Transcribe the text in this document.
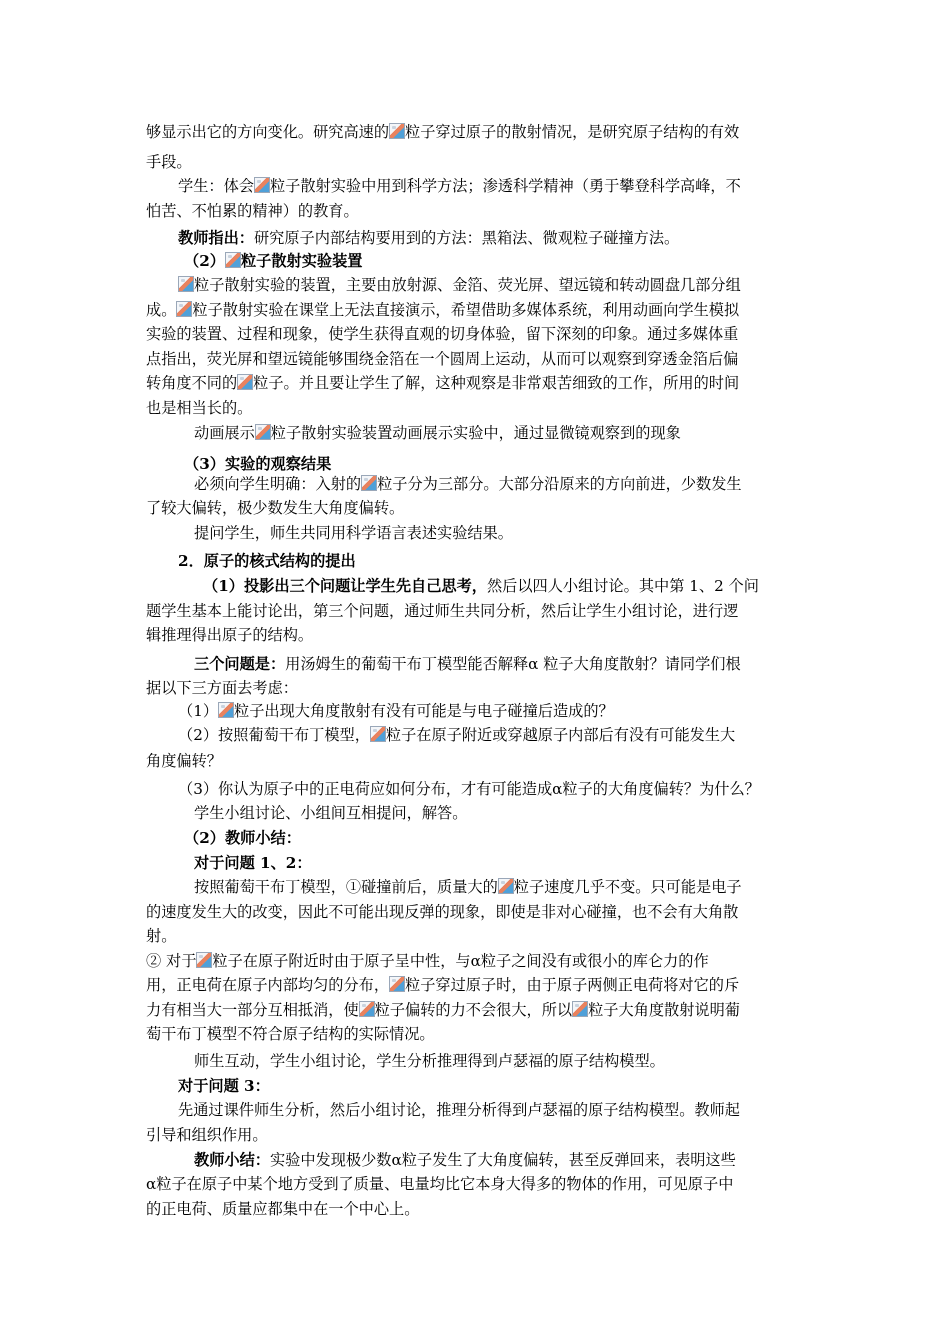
够显示出它的方向变化。研究高速的 粒子穿过原子的散射情况，是研究原子结构的有效
手段。
学生：体会 粒子散射实验中用到科学方法；渗透科学精神（勇于攀登科学高峰，不
怕苦、不怕累的精神）的教育。
教师指出：研究原子内部结构要用到的方法：黑箱法、微观粒子碰撞方法。
（2） 粒子散射实验装置
粒子散射实验的装置，主要由放射源、金箔、荧光屏、望远镜和转动圆盘几部分组
成。 粒子散射实验在课堂上无法直接演示，希望借助多媒体系统，利用动画向学生模拟
实验的装置、过程和现象，使学生获得直观的切身体验，留下深刻的印象。通过多媒体重
点指出，荧光屏和望远镜能够围绕金箔在一个圆周上运动，从而可以观察到穿透金箔后偏
转角度不同的 粒子。并且要让学生了解，这种观察是非常艰苦细致的工作，所用的时间
也是相当长的。
动画展示 粒子散射实验装置动画展示实验中，通过显微镜观察到的现象
（3）实验的观察结果
必须向学生明确：入射的 粒子分为三部分。大部分沿原来的方向前进，少数发生
了较大偏转，极少数发生大角度偏转。
提问学生，师生共同用科学语言表述实验结果。
2．原子的核式结构的提出
（1）投影出三个问题让学生先自己思考，然后以四人小组讨论。其中第 1、2 个问
题学生基本上能讨论出，第三个问题，通过师生共同分析，然后让学生小组讨论，进行逻
辑推理得出原子的结构。
三个问题是：用汤姆生的葡萄干布丁模型能否解释α 粒子大角度散射？请同学们根
据以下三方面去考虑：
（1） 粒子出现大角度散射有没有可能是与电子碰撞后造成的？
（2）按照葡萄干布丁模型， 粒子在原子附近或穿越原子内部后有没有可能发生大
角度偏转？
（3）你认为原子中的正电荷应如何分布，才有可能造成α粒子的大角度偏转？为什么？
学生小组讨论、小组间互相提问，解答。
（2）教师小结：
对于问题 1、2：
按照葡萄干布丁模型，①碰撞前后，质量大的 粒子速度几乎不变。只可能是电子
的速度发生大的改变，因此不可能出现反弹的现象，即使是非对心碰撞，也不会有大角散
射。
② 对于 粒子在原子附近时由于原子呈中性，与α粒子之间没有或很小的库仑力的作
用，正电荷在原子内部均匀的分布， 粒子穿过原子时，由于原子两侧正电荷将对它的斥
力有相当大一部分互相抵消，使 粒子偏转的力不会很大，所以 粒子大角度散射说明葡
萄干布丁模型不符合原子结构的实际情况。
师生互动，学生小组讨论，学生分析推理得到卢瑟福的原子结构模型。
对于问题 3：
先通过课件师生分析，然后小组讨论，推理分析得到卢瑟福的原子结构模型。教师起
引导和组织作用。
教师小结：实验中发现极少数α粒子发生了大角度偏转，甚至反弹回来，表明这些
α粒子在原子中某个地方受到了质量、电量均比它本身大得多的物体的作用，可见原子中
的正电荷、质量应都集中在一个中心上。
